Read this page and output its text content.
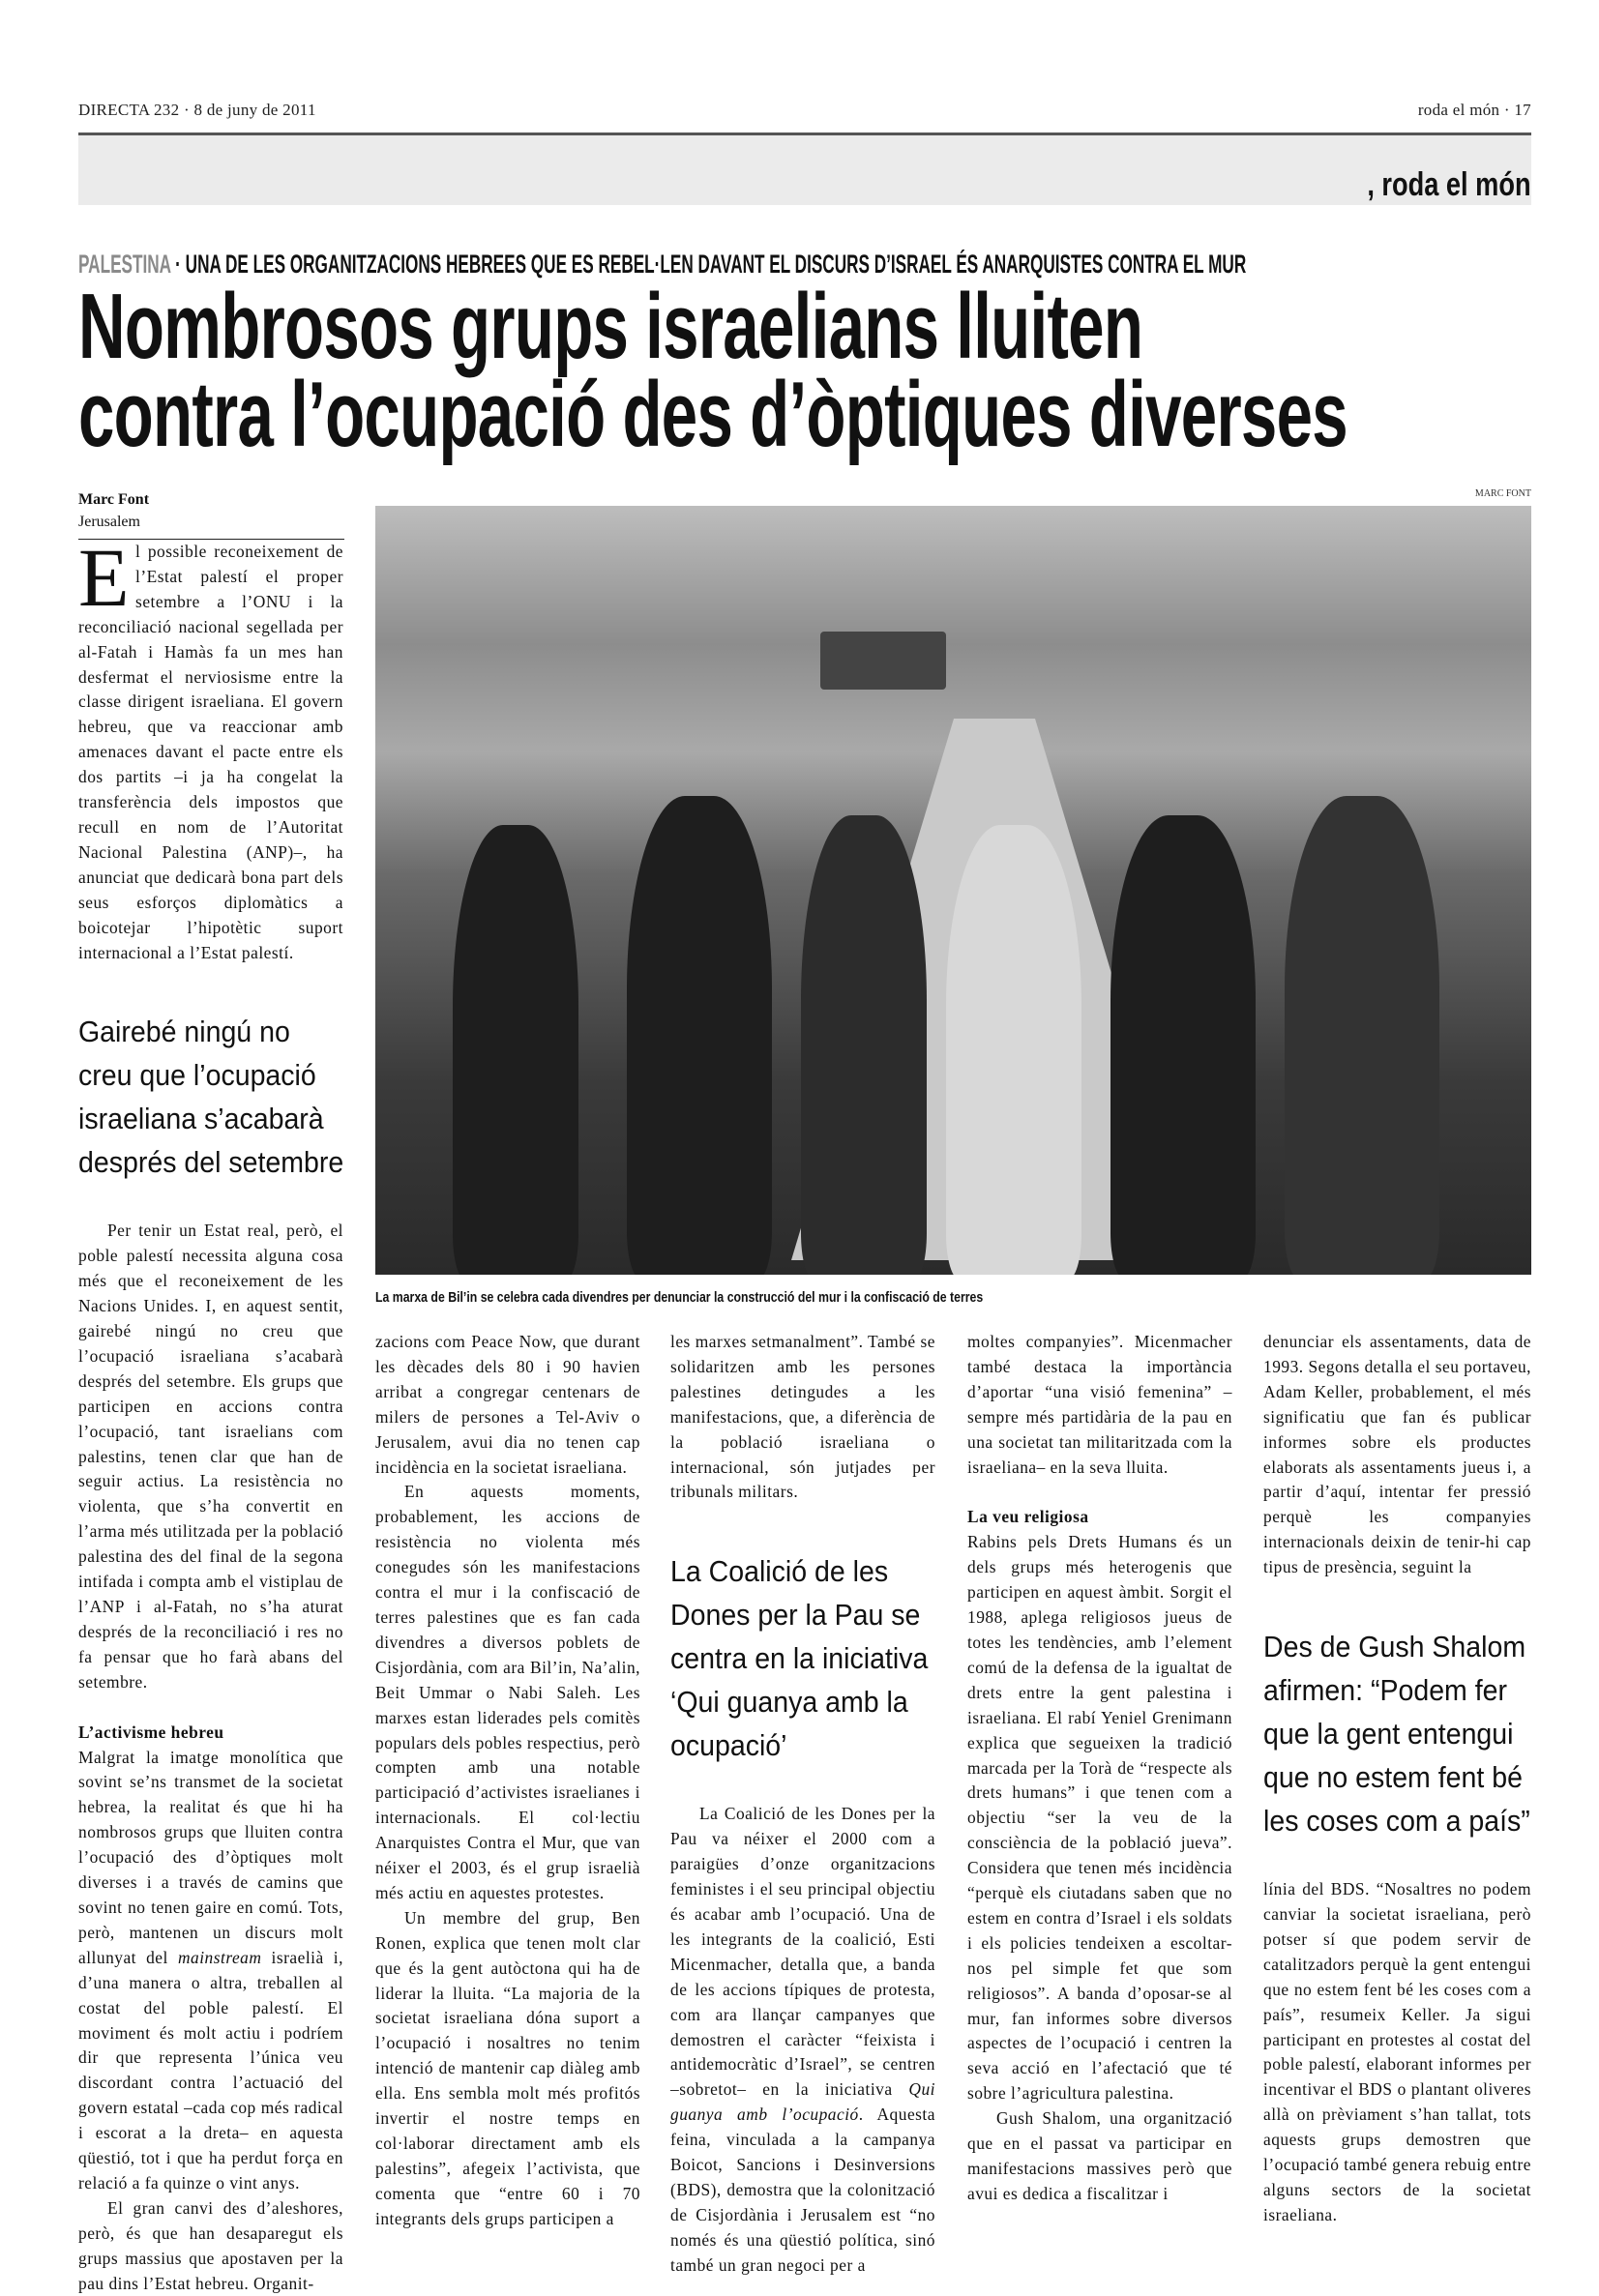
DIRECTA 232 · 8 de juny de 2011	roda el món · 17
, roda el món
PALESTINA · UNA DE LES ORGANITZACIONS HEBREES QUE ES REBEL·LEN DAVANT EL DISCURS D’ISRAEL ÉS ANARQUISTES CONTRA EL MUR
Nombrosos grups israelians lluiten
contra l’ocupació des d’òptiques diverses
Marc Font
Jerusalem
MARC FONT
La marxa de Bil’in se celebra cada divendres per denunciar la construcció del mur i la confiscació de terres

El possible reconeixement de l’Estat palestí el proper setembre a l’ONU i la reconciliació nacional segellada per al-Fatah i Hamàs fa un mes han desfermat el nerviosisme entre la classe dirigent israeliana. El govern hebreu, que va reaccionar amb amenaces davant el pacte entre els dos partits –i ja ha congelat la transferència dels impostos que recull en nom de l’Autoritat Nacional Palestina (ANP)–, ha anunciat que dedicarà bona part dels seus esforços diplomàtics a boicotejar l’hipotètic suport internacional a l’Estat palestí.

Gairebé ningú no creu que l’ocupació israeliana s’acabarà després del setembre

Per tenir un Estat real, però, el poble palestí necessita alguna cosa més que el reconeixement de les Nacions Unides. I, en aquest sentit, gairebé ningú no creu que l’ocupació israeliana s’acabarà després del setembre. Els grups que participen en accions contra l’ocupació, tant israelians com palestins, tenen clar que han de seguir actius. La resistència no violenta, que s’ha convertit en l’arma més utilitzada per la població palestina des del final de la segona intifada i compta amb el vistiplau de l’ANP i al-Fatah, no s’ha aturat després de la reconciliació i res no fa pensar que ho farà abans del setembre.

L’activisme hebreu

Malgrat la imatge monolítica que sovint se’ns transmet de la societat hebrea, la realitat és que hi ha nombrosos grups que lluiten contra l’ocupació des d’òptiques molt diverses i a través de camins que sovint no tenen gaire en comú. Tots, però, mantenen un discurs molt allunyat del mainstream israelià i, d’una manera o altra, treballen al costat del poble palestí. El moviment és molt actiu i podríem dir que representa l’única veu discordant contra l’actuació del govern estatal –cada cop més radical i escorat a la dreta– en aquesta qüestió, tot i que ha perdut força en relació a fa quinze o vint anys.

El gran canvi des d’aleshores, però, és que han desaparegut els grups massius que apostaven per la pau dins l’Estat hebreu. Organit-

zacions com Peace Now, que durant les dècades dels 80 i 90 havien arribat a congregar centenars de milers de persones a Tel-Aviv o Jerusalem, avui dia no tenen cap incidència en la societat israeliana.

En aquests moments, probablement, les accions de resistència no violenta més conegudes són les manifestacions contra el mur i la confiscació de terres palestines que es fan cada divendres a diversos poblets de Cisjordània, com ara Bil’in, Na’alin, Beit Ummar o Nabi Saleh. Les marxes estan liderades pels comitès populars dels pobles respectius, però compten amb una notable participació d’activistes israelianes i internacionals. El col·lectiu Anarquistes Contra el Mur, que van néixer el 2003, és el grup israelià més actiu en aquestes protestes.

Un membre del grup, Ben Ronen, explica que tenen molt clar que és la gent autòctona qui ha de liderar la lluita. “La majoria de la societat israeliana dóna suport a l’ocupació i nosaltres no tenim intenció de mantenir cap diàleg amb ella. Ens sembla molt més profitós invertir el nostre temps en col·laborar directament amb els palestins”, afegeix l’activista, que comenta que “entre 60 i 70 integrants dels grups participen a

les marxes setmanalment”. També se solidaritzen amb les persones palestines detingudes a les manifestacions, que, a diferència de la població israeliana o internacional, són jutjades per tribunals militars.

La Coalició de les Dones per la Pau se centra en la iniciativa ‘Qui guanya amb la ocupació’

La Coalició de les Dones per la Pau va néixer el 2000 com a paraigües d’onze organitzacions feministes i el seu principal objectiu és acabar amb l’ocupació. Una de les integrants de la coalició, Esti Micenmacher, detalla que, a banda de les accions típiques de protesta, com ara llançar campanyes que demostren el caràcter “feixista i antidemocràtic d’Israel”, se centren –sobretot– en la iniciativa Qui guanya amb l’ocupació. Aquesta feina, vinculada a la campanya Boicot, Sancions i Desinversions (BDS), demostra que la colonització de Cisjordània i Jerusalem est “no només és una qüestió política, sinó també un gran negoci per a

moltes companyies”. Micenmacher també destaca la importància d’aportar “una visió femenina” –sempre més partidària de la pau en una societat tan militaritzada com la israeliana– en la seva lluita.

La veu religiosa

Rabins pels Drets Humans és un dels grups més heterogenis que participen en aquest àmbit. Sorgit el 1988, aplega religiosos jueus de totes les tendències, amb l’element comú de la defensa de la igualtat de drets entre la gent palestina i israeliana. El rabí Yeniel Grenimann explica que segueixen la tradició marcada per la Torà de “respecte als drets humans” i que tenen com a objectiu “ser la veu de la consciència de la població jueva”. Considera que tenen més incidència “perquè els ciutadans saben que no estem en contra d’Israel i els soldats i els policies tendeixen a escoltar-nos pel simple fet que som religiosos”. A banda d’oposar-se al mur, fan informes sobre diversos aspectes de l’ocupació i centren la seva acció en l’afectació que té sobre l’agricultura palestina.

Gush Shalom, una organització que en el passat va participar en manifestacions massives però que avui es dedica a fiscalitzar i

denunciar els assentaments, data de 1993. Segons detalla el seu portaveu, Adam Keller, probablement, el més significatiu que fan és publicar informes sobre els productes elaborats als assentaments jueus i, a partir d’aquí, intentar fer pressió perquè les companyies internacionals deixin de tenir-hi cap tipus de presència, seguint la

Des de Gush Shalom afirmen: “Podem fer que la gent entengui que no estem fent bé les coses com a país”

línia del BDS. “Nosaltres no podem canviar la societat israeliana, però potser sí que podem servir de catalitzadors perquè la gent entengui que no estem fent bé les coses com a país”, resumeix Keller. Ja sigui participant en protestes al costat del poble palestí, elaborant informes per incentivar el BDS o plantant oliveres allà on prèviament s’han tallat, tots aquests grups demostren que l’ocupació també genera rebuig entre alguns sectors de la societat israeliana.
